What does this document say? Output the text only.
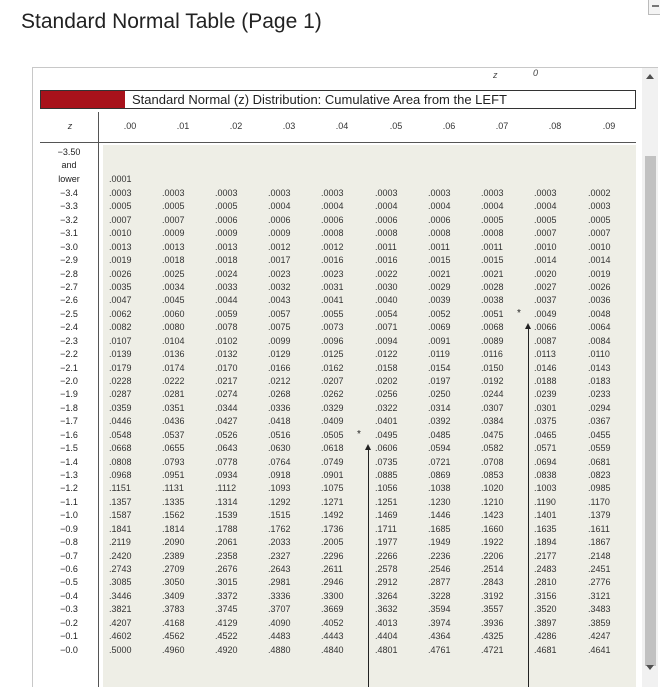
Standard Normal Table (Page 1)
z	0
Standard Normal (z) Distribution: Cumulative Area from the LEFT
z	.00	.01	.02	.03	.04	.05	.06	.07	.08	.09
−3.50
and
lower	.0001
−3.4	.0003	.0003	.0003	.0003	.0003	.0003	.0003	.0003	.0003	.0002
−3.3	.0005	.0005	.0005	.0004	.0004	.0004	.0004	.0004	.0004	.0003
−3.2	.0007	.0007	.0006	.0006	.0006	.0006	.0006	.0005	.0005	.0005
−3.1	.0010	.0009	.0009	.0009	.0008	.0008	.0008	.0008	.0007	.0007
−3.0	.0013	.0013	.0013	.0012	.0012	.0011	.0011	.0011	.0010	.0010
−2.9	.0019	.0018	.0018	.0017	.0016	.0016	.0015	.0015	.0014	.0014
−2.8	.0026	.0025	.0024	.0023	.0023	.0022	.0021	.0021	.0020	.0019
−2.7	.0035	.0034	.0033	.0032	.0031	.0030	.0029	.0028	.0027	.0026
−2.6	.0047	.0045	.0044	.0043	.0041	.0040	.0039	.0038	.0037	.0036
−2.5	.0062	.0060	.0059	.0057	.0055	.0054	.0052	.0051	.0049	.0048
−2.4	.0082	.0080	.0078	.0075	.0073	.0071	.0069	.0068	.0066	.0064
−2.3	.0107	.0104	.0102	.0099	.0096	.0094	.0091	.0089	.0087	.0084
−2.2	.0139	.0136	.0132	.0129	.0125	.0122	.0119	.0116	.0113	.0110
−2.1	.0179	.0174	.0170	.0166	.0162	.0158	.0154	.0150	.0146	.0143
−2.0	.0228	.0222	.0217	.0212	.0207	.0202	.0197	.0192	.0188	.0183
−1.9	.0287	.0281	.0274	.0268	.0262	.0256	.0250	.0244	.0239	.0233
−1.8	.0359	.0351	.0344	.0336	.0329	.0322	.0314	.0307	.0301	.0294
−1.7	.0446	.0436	.0427	.0418	.0409	.0401	.0392	.0384	.0375	.0367
−1.6	.0548	.0537	.0526	.0516	.0505	.0495	.0485	.0475	.0465	.0455
−1.5	.0668	.0655	.0643	.0630	.0618	.0606	.0594	.0582	.0571	.0559
−1.4	.0808	.0793	.0778	.0764	.0749	.0735	.0721	.0708	.0694	.0681
−1.3	.0968	.0951	.0934	.0918	.0901	.0885	.0869	.0853	.0838	.0823
−1.2	.1151	.1131	.1112	.1093	.1075	.1056	.1038	.1020	.1003	.0985
−1.1	.1357	.1335	.1314	.1292	.1271	.1251	.1230	.1210	.1190	.1170
−1.0	.1587	.1562	.1539	.1515	.1492	.1469	.1446	.1423	.1401	.1379
−0.9	.1841	.1814	.1788	.1762	.1736	.1711	.1685	.1660	.1635	.1611
−0.8	.2119	.2090	.2061	.2033	.2005	.1977	.1949	.1922	.1894	.1867
−0.7	.2420	.2389	.2358	.2327	.2296	.2266	.2236	.2206	.2177	.2148
−0.6	.2743	.2709	.2676	.2643	.2611	.2578	.2546	.2514	.2483	.2451
−0.5	.3085	.3050	.3015	.2981	.2946	.2912	.2877	.2843	.2810	.2776
−0.4	.3446	.3409	.3372	.3336	.3300	.3264	.3228	.3192	.3156	.3121
−0.3	.3821	.3783	.3745	.3707	.3669	.3632	.3594	.3557	.3520	.3483
−0.2	.4207	.4168	.4129	.4090	.4052	.4013	.3974	.3936	.3897	.3859
−0.1	.4602	.4562	.4522	.4483	.4443	.4404	.4364	.4325	.4286	.4247
−0.0	.5000	.4960	.4920	.4880	.4840	.4801	.4761	.4721	.4681	.4641
*
*
